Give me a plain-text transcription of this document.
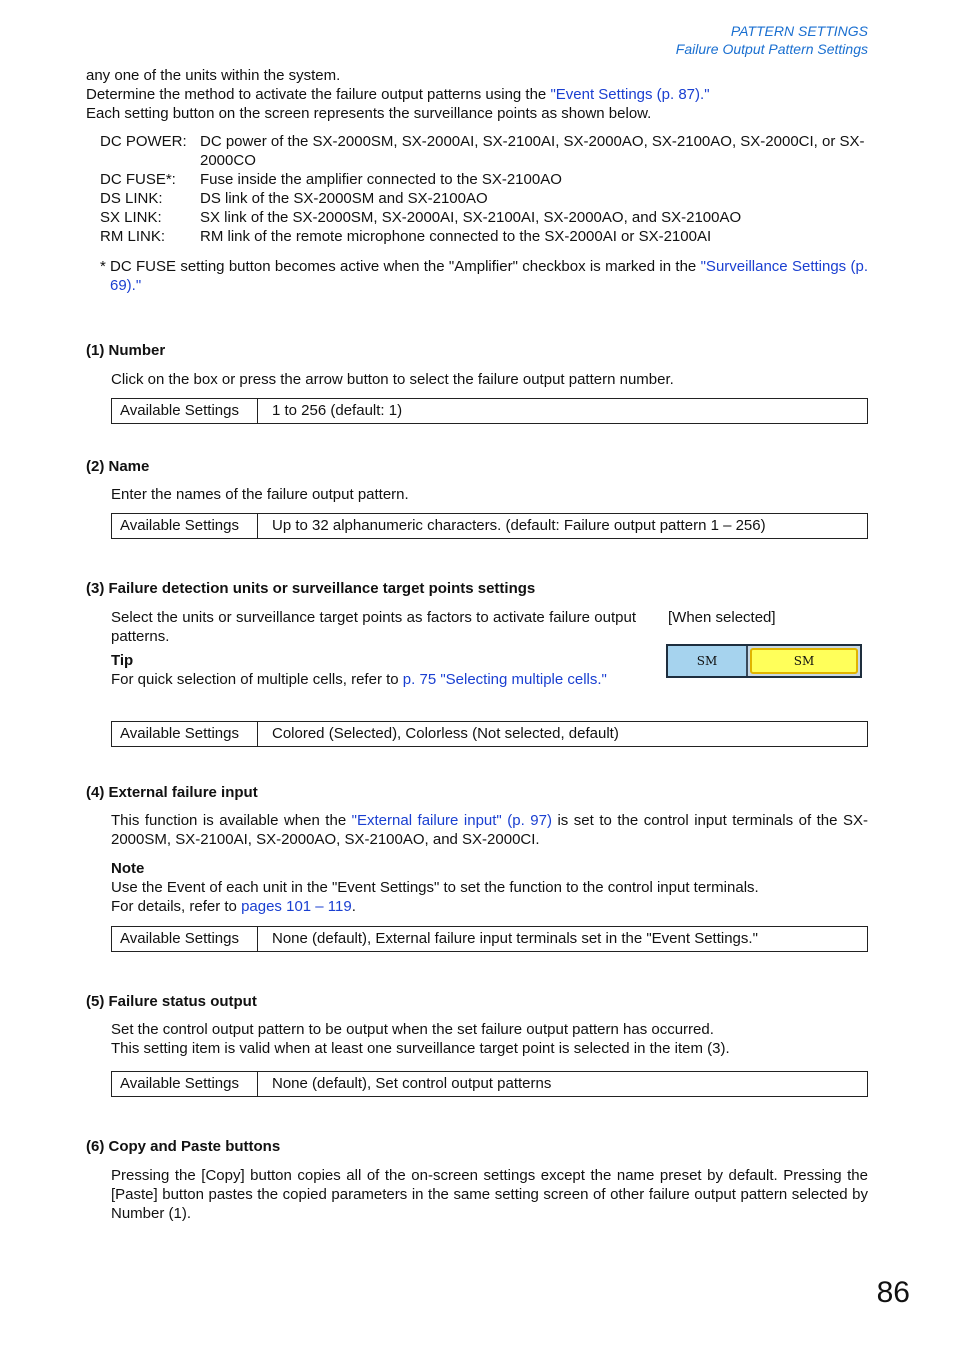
PATTERN SETTINGS
Failure Output Pattern Settings
any one of the units within the system.
Determine the method to activate the failure output patterns using the "Event Settings (p. 87)."
Each setting button on the screen represents the surveillance points as shown below.
DC POWER: DC power of the SX-2000SM, SX-2000AI, SX-2100AI, SX-2000AO, SX-2100AO, SX-2000CI, or SX-2000CO
DC FUSE*:	Fuse inside the amplifier connected to the SX-2100AO
DS LINK:	DS link of the SX-2000SM and SX-2100AO
SX LINK:	SX link of the SX-2000SM, SX-2000AI, SX-2100AI, SX-2000AO, and SX-2100AO
RM LINK:	RM link of the remote microphone connected to the SX-2000AI or SX-2100AI
* DC FUSE setting button becomes active when the "Amplifier" checkbox is marked in the "Surveillance Settings (p. 69)."
(1) Number
Click on the box or press the arrow button to select the failure output pattern number.
Available Settings	1 to 256 (default: 1)
(2) Name
Enter the names of the failure output pattern.
Available Settings	Up to 32 alphanumeric characters. (default: Failure output pattern 1 – 256)
(3) Failure detection units or surveillance target points settings
Select the units or surveillance target points as factors to activate failure output patterns.
Tip
For quick selection of multiple cells, refer to p. 75 "Selecting multiple cells."
[When selected]
SM	SM
Available Settings	Colored (Selected), Colorless (Not selected, default)
(4) External failure input
This function is available when the "External failure input" (p. 97) is set to the control input terminals of the SX-2000SM, SX-2100AI, SX-2000AO, SX-2100AO, and SX-2000CI.
Note
Use the Event of each unit in the "Event Settings" to set the function to the control input terminals.
For details, refer to pages 101 – 119.
Available Settings	None (default), External failure input terminals set in the "Event Settings."
(5) Failure status output
Set the control output pattern to be output when the set failure output pattern has occurred.
This setting item is valid when at least one surveillance target point is selected in the item (3).
Available Settings	None (default), Set control output patterns
(6) Copy and Paste buttons
Pressing the [Copy] button copies all of the on-screen settings except the name preset by default. Pressing the [Paste] button pastes the copied parameters in the same setting screen of other failure output pattern selected by Number (1).
86
